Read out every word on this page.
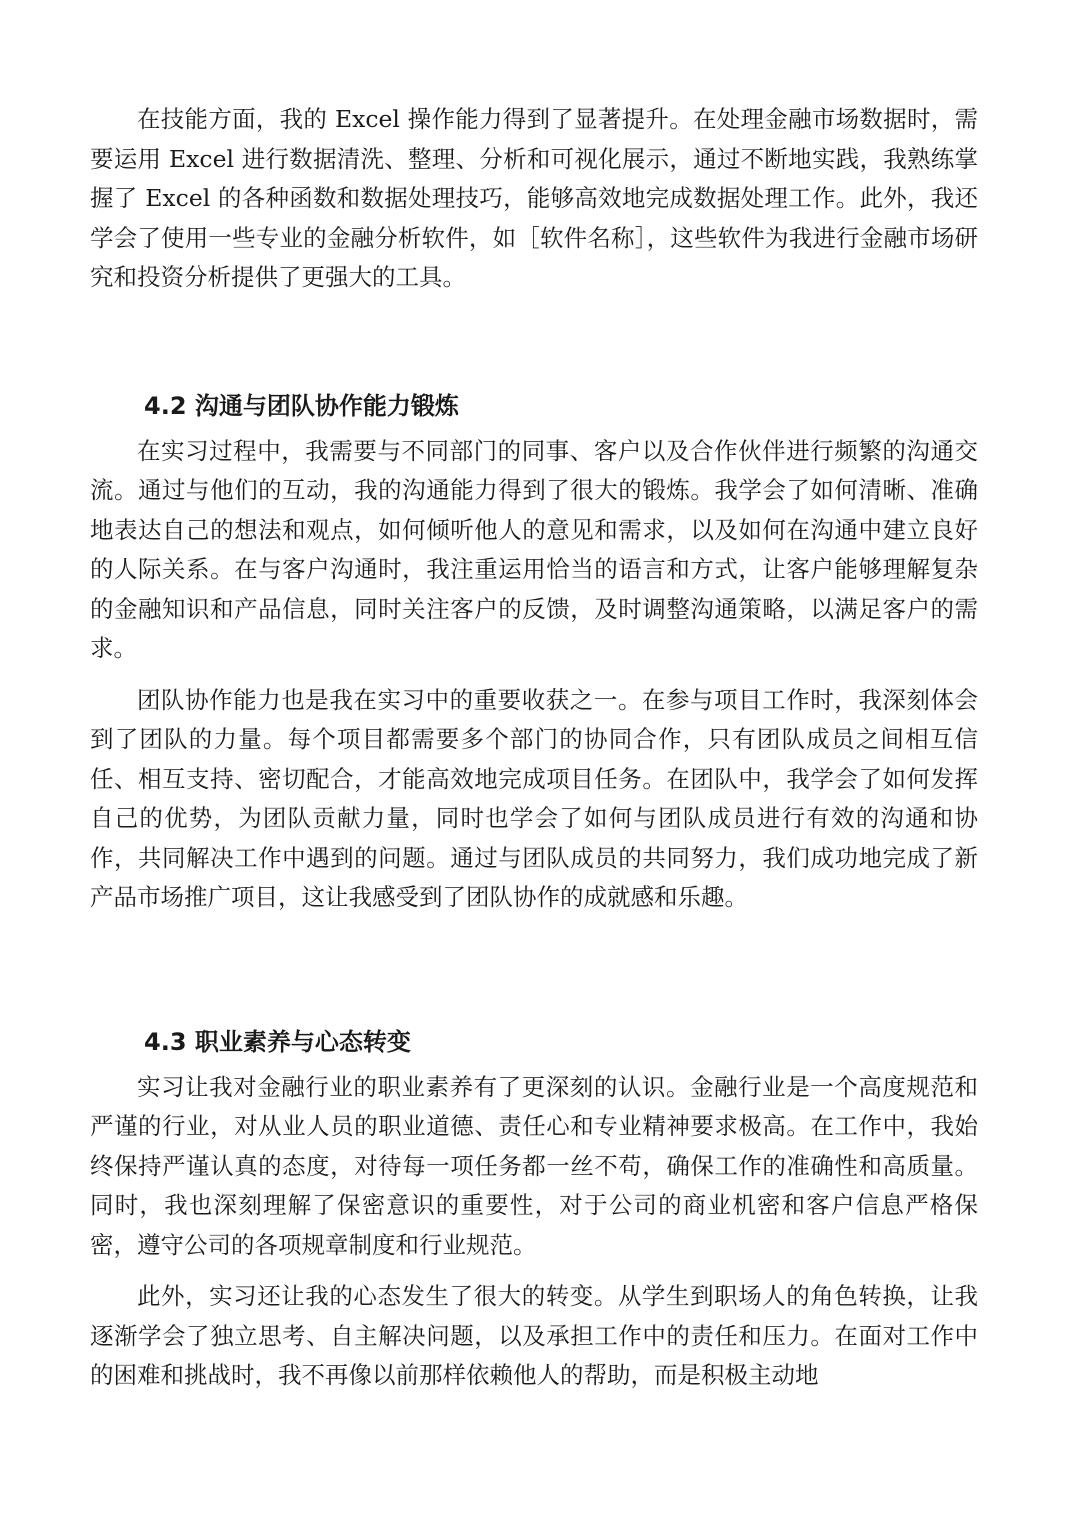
在技能方面，我的 Excel 操作能力得到了显著提升。在处理金融市场数据时，需要运用 Excel 进行数据清洗、整理、分析和可视化展示，通过不断地实践，我熟练掌握了 Excel 的各种函数和数据处理技巧，能够高效地完成数据处理工作。此外，我还学会了使用一些专业的金融分析软件，如［软件名称］，这些软件为我进行金融市场研究和投资分析提供了更强大的工具。

4.2 沟通与团队协作能力锻炼

在实习过程中，我需要与不同部门的同事、客户以及合作伙伴进行频繁的沟通交流。通过与他们的互动，我的沟通能力得到了很大的锻炼。我学会了如何清晰、准确地表达自己的想法和观点，如何倾听他人的意见和需求，以及如何在沟通中建立良好的人际关系。在与客户沟通时，我注重运用恰当的语言和方式，让客户能够理解复杂的金融知识和产品信息，同时关注客户的反馈，及时调整沟通策略，以满足客户的需求。

团队协作能力也是我在实习中的重要收获之一。在参与项目工作时，我深刻体会到了团队的力量。每个项目都需要多个部门的协同合作，只有团队成员之间相互信任、相互支持、密切配合，才能高效地完成项目任务。在团队中，我学会了如何发挥自己的优势，为团队贡献力量，同时也学会了如何与团队成员进行有效的沟通和协作，共同解决工作中遇到的问题。通过与团队成员的共同努力，我们成功地完成了新产品市场推广项目，这让我感受到了团队协作的成就感和乐趣。

4.3 职业素养与心态转变

实习让我对金融行业的职业素养有了更深刻的认识。金融行业是一个高度规范和严谨的行业，对从业人员的职业道德、责任心和专业精神要求极高。在工作中，我始终保持严谨认真的态度，对待每一项任务都一丝不苟，确保工作的准确性和高质量。同时，我也深刻理解了保密意识的重要性，对于公司的商业机密和客户信息严格保密，遵守公司的各项规章制度和行业规范。

此外，实习还让我的心态发生了很大的转变。从学生到职场人的角色转换，让我逐渐学会了独立思考、自主解决问题，以及承担工作中的责任和压力。在面对工作中的困难和挑战时，我不再像以前那样依赖他人的帮助，而是积极主动地
